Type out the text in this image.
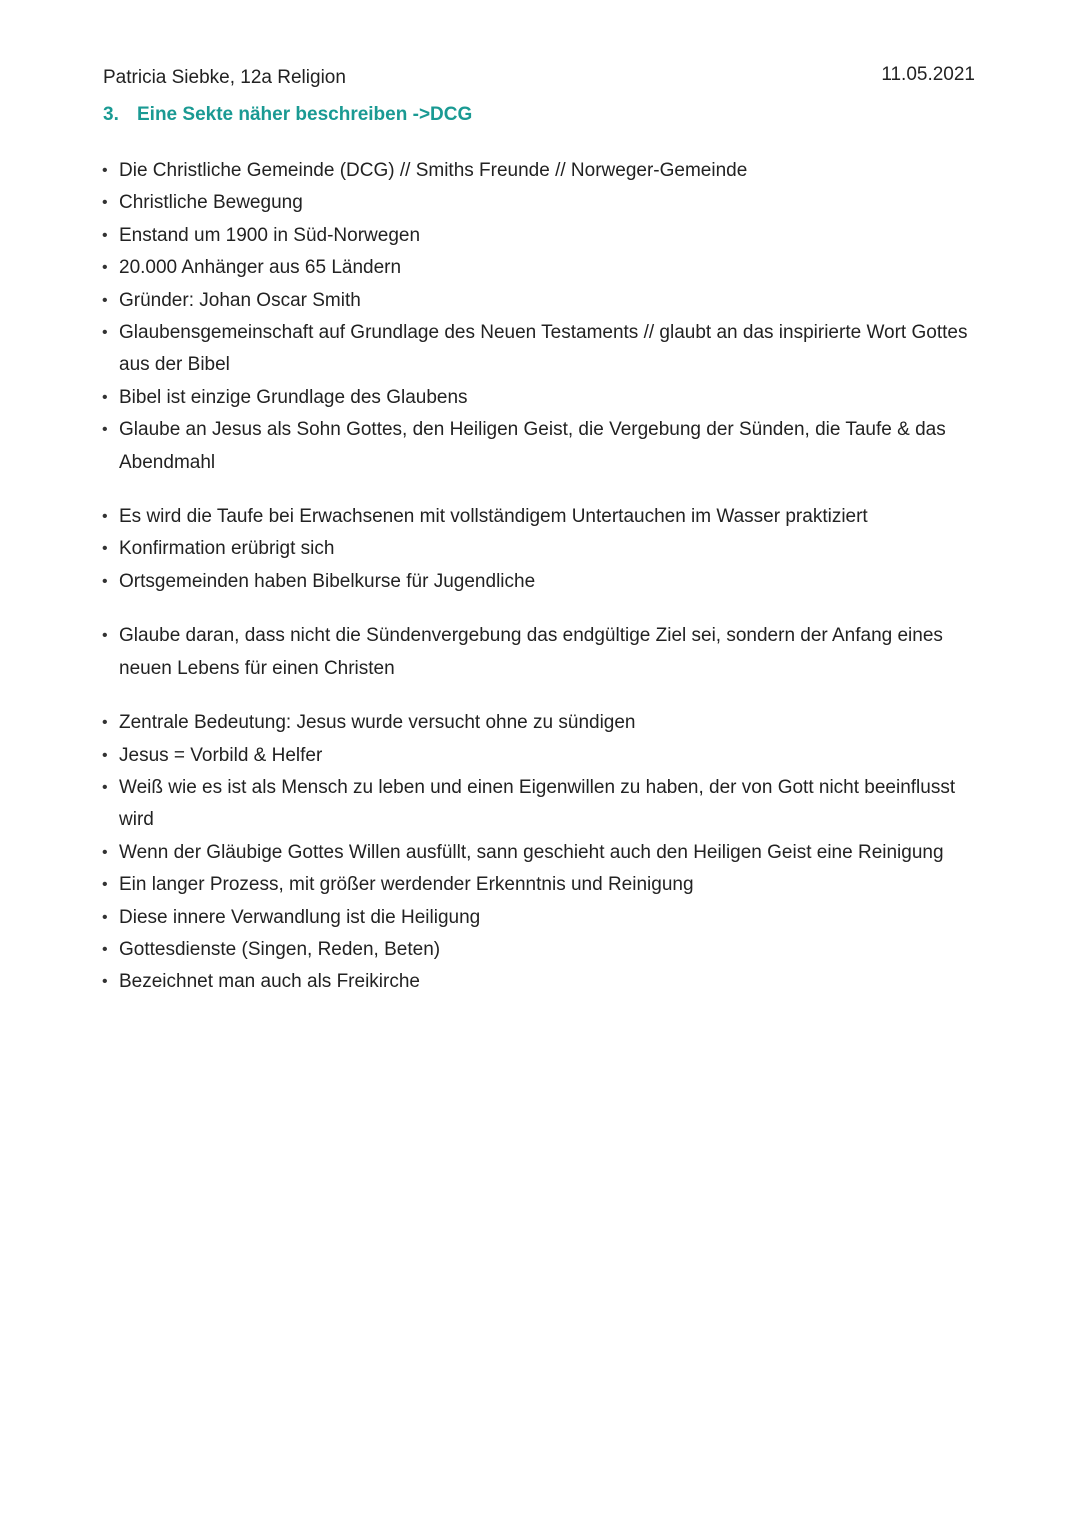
Patricia Siebke, 12a Religion	11.05.2021
3. Eine Sekte näher beschreiben ->DCG
• Die Christliche Gemeinde (DCG) // Smiths Freunde // Norweger-Gemeinde
• Christliche Bewegung
• Enstand um 1900 in Süd-Norwegen
• 20.000 Anhänger aus 65 Ländern
• Gründer: Johan Oscar Smith
• Glaubensgemeinschaft auf Grundlage des Neuen Testaments // glaubt an das inspirierte Wort Gottes aus der Bibel
• Bibel ist einzige Grundlage des Glaubens
• Glaube an Jesus als Sohn Gottes, den Heiligen Geist, die Vergebung der Sünden, die Taufe & das Abendmahl
• Es wird die Taufe bei Erwachsenen mit vollständigem Untertauchen im Wasser praktiziert
• Konfirmation erübrigt sich
• Ortsgemeinden haben Bibelkurse für Jugendliche
• Glaube daran, dass nicht die Sündenvergebung das endgültige Ziel sei, sondern der Anfang eines neuen Lebens für einen Christen
• Zentrale Bedeutung: Jesus wurde versucht ohne zu sündigen
• Jesus = Vorbild & Helfer
• Weiß wie es ist als Mensch zu leben und einen Eigenwillen zu haben, der von Gott nicht beeinflusst wird
• Wenn der Gläubige Gottes Willen ausfüllt, sann geschieht auch den Heiligen Geist eine Reinigung
• Ein langer Prozess, mit größer werdender Erkenntnis und Reinigung
• Diese innere Verwandlung ist die Heiligung
• Gottesdienste (Singen, Reden, Beten)
• Bezeichnet man auch als Freikirche
